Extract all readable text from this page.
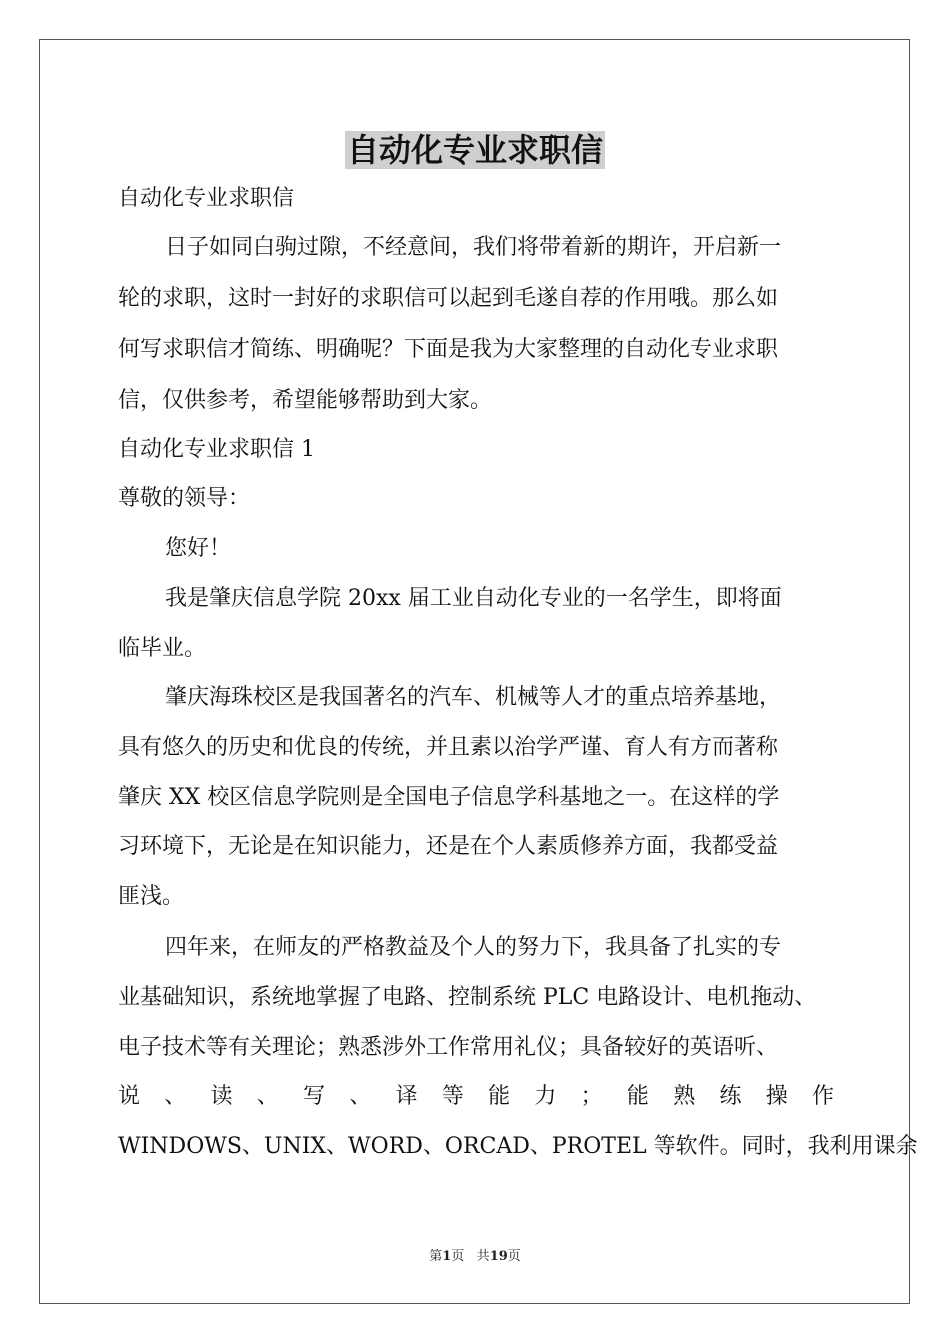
自动化专业求职信
自动化专业求职信
日子如同白驹过隙，不经意间，我们将带着新的期许，开启新一
轮的求职，这时一封好的求职信可以起到毛遂自荐的作用哦。那么如
何写求职信才简练、明确呢？下面是我为大家整理的自动化专业求职
信，仅供参考，希望能够帮助到大家。
自动化专业求职信 1
尊敬的领导：
您好！
我是肇庆信息学院 20xx 届工业自动化专业的一名学生，即将面
临毕业。
肇庆海珠校区是我国著名的汽车、机械等人才的重点培养基地，
具有悠久的历史和优良的传统，并且素以治学严谨、育人有方而著称
肇庆 XX 校区信息学院则是全国电子信息学科基地之一。在这样的学
习环境下，无论是在知识能力，还是在个人素质修养方面，我都受益
匪浅。
四年来，在师友的严格教益及个人的努力下，我具备了扎实的专
业基础知识，系统地掌握了电路、控制系统 PLC 电路设计、电机拖动、
电子技术等有关理论；熟悉涉外工作常用礼仪；具备较好的英语听、
说 、 读 、 写 、 译 等 能 力 ； 能 熟 练 操 作
WINDOWS、UNIX、WORD、ORCAD、PROTEL 等软件。同时，我利用课余
第1页 共19页
